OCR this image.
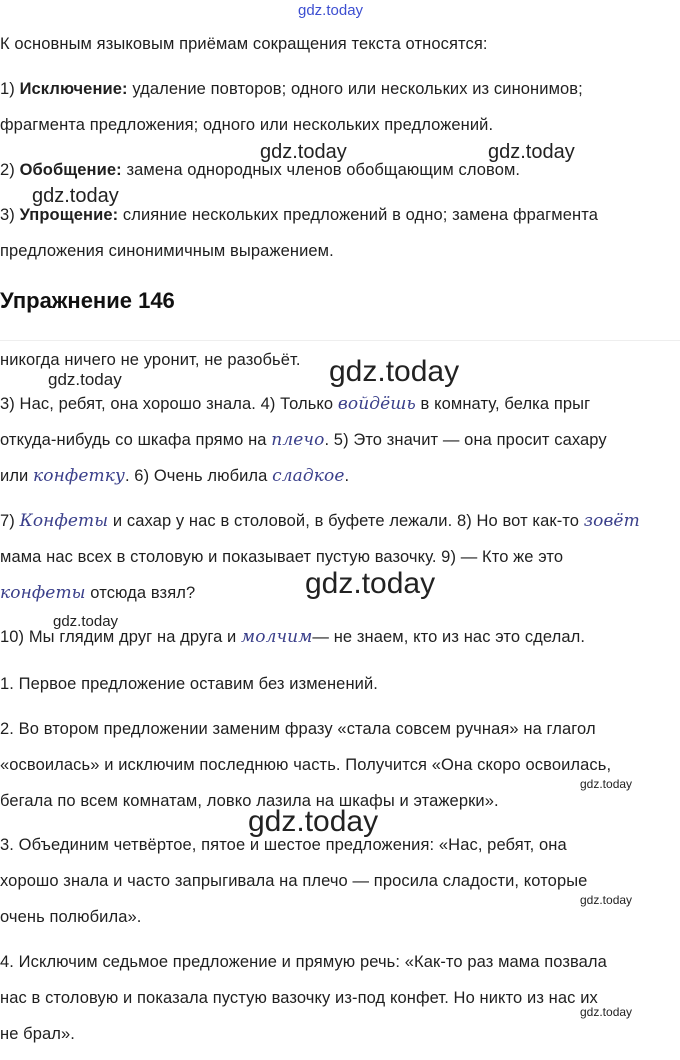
gdz.today
gdz.today	gdz.today
gdz.today
gdz.today	gdz.today
gdz.today
gdz.today
gdz.today
gdz.today
gdz.today
gdz.today
К основным языковым приёмам сокращения текста относятся:
1) Исключение: удаление повторов; одного или нескольких из синонимов;
фрагмента предложения; одного или нескольких предложений.
2) Обобщение: замена однородных членов обобщающим словом.
3) Упрощение: слияние нескольких предложений в одно; замена фрагмента
предложения синонимичным выражением.
Упражнение 146
никогда ничего не уронит, не разобьёт.
3) Нас, ребят, она хорошо знала. 4) Только войдёшь в комнату, белка прыг
откуда-нибудь со шкафа прямо на плечо. 5) Это значит — она просит сахару
или конфетку. 6) Очень любила сладкое.
7) Конфеты и сахар у нас в столовой, в буфете лежали. 8) Но вот как-то зовёт
мама нас всех в столовую и показывает пустую вазочку. 9) — Кто же это
конфеты отсюда взял?
10) Мы глядим друг на друга и молчим— не знаем, кто из нас это сделал.
1. Первое предложение оставим без изменений.
2. Во втором предложении заменим фразу «стала совсем ручная» на глагол
«освоилась» и исключим последнюю часть. Получится «Она скоро освоилась,
бегала по всем комнатам, ловко лазила на шкафы и этажерки».
3. Объединим четвёртое, пятое и шестое предложения: «Нас, ребят, она
хорошо знала и часто запрыгивала на плечо — просила сладости, которые
очень полюбила».
4. Исключим седьмое предложение и прямую речь: «Как-то раз мама позвала
нас в столовую и показала пустую вазочку из-под конфет. Но никто из нас их
не брал».
